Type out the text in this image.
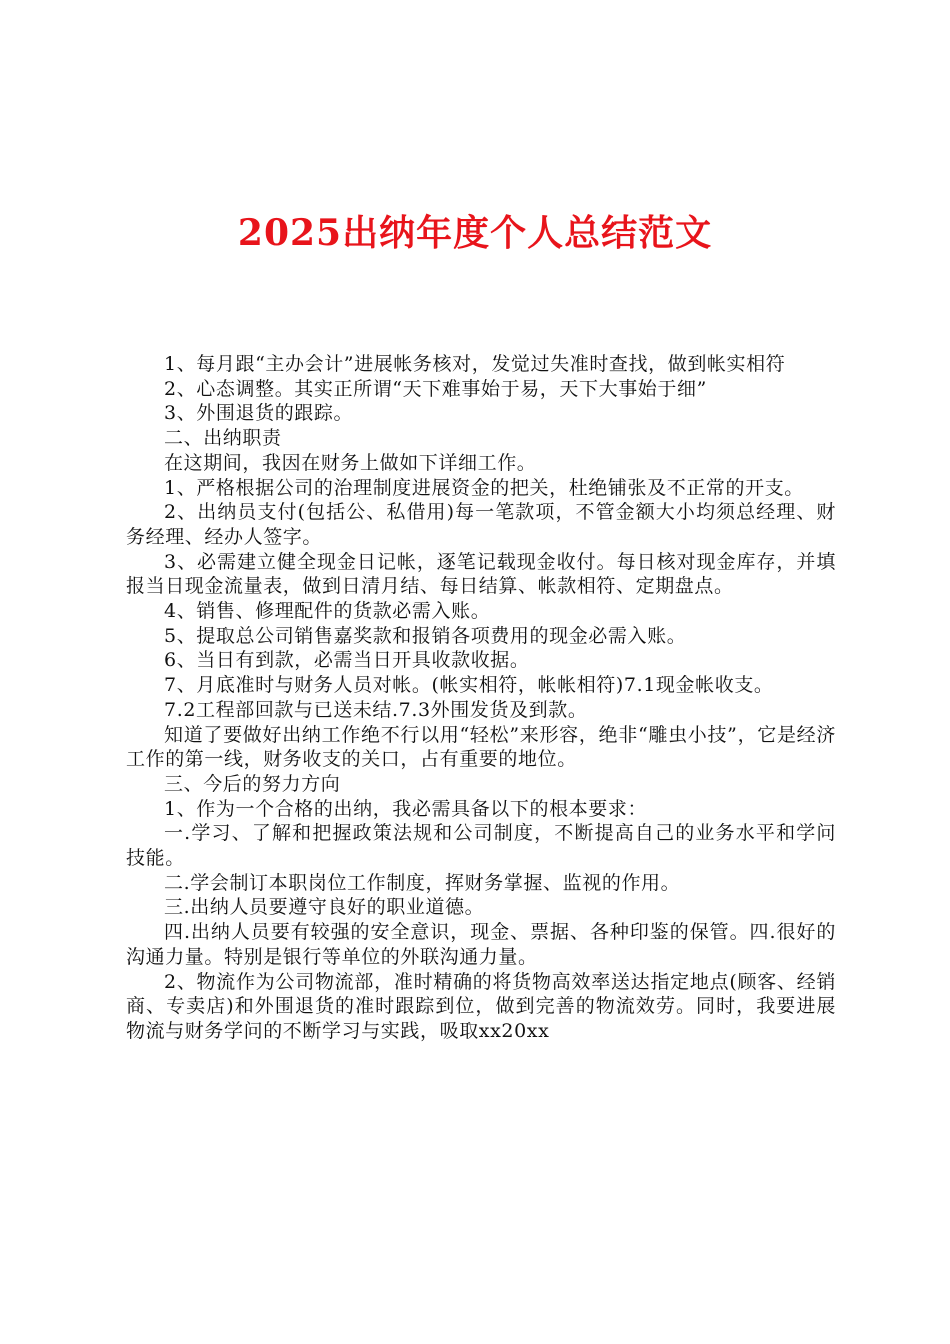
2025出纳年度个人总结范文

1、每月跟“主办会计”进展帐务核对，发觉过失准时查找，做到帐实相符

2、心态调整。其实正所谓“天下难事始于易，天下大事始于细”

3、外围退货的跟踪。

二、出纳职责

在这期间，我因在财务上做如下详细工作。

1、严格根据公司的治理制度进展资金的把关，杜绝铺张及不正常的开支。

2、出纳员支付(包括公、私借用)每一笔款项，不管金额大小均须总经理、财务经理、经办人签字。

3、必需建立健全现金日记帐，逐笔记载现金收付。每日核对现金库存，并填报当日现金流量表，做到日清月结、每日结算、帐款相符、定期盘点。

4、销售、修理配件的货款必需入账。

5、提取总公司销售嘉奖款和报销各项费用的现金必需入账。

6、当日有到款，必需当日开具收款收据。

7、月底准时与财务人员对帐。(帐实相符，帐帐相符)7.1现金帐收支。

7.2工程部回款与已送未结.7.3外围发货及到款。

知道了要做好出纳工作绝不行以用“轻松”来形容，绝非“雕虫小技”，它是经济工作的第一线，财务收支的关口，占有重要的地位。

三、今后的努力方向

1、作为一个合格的出纳，我必需具备以下的根本要求：

一.学习、了解和把握政策法规和公司制度，不断提高自己的业务水平和学问技能。

二.学会制订本职岗位工作制度，挥财务掌握、监视的作用。

三.出纳人员要遵守良好的职业道德。

四.出纳人员要有较强的安全意识，现金、票据、各种印鉴的保管。四.很好的沟通力量。特别是银行等单位的外联沟通力量。

2、物流作为公司物流部，准时精确的将货物高效率送达指定地点(顾客、经销商、专卖店)和外围退货的准时跟踪到位，做到完善的物流效劳。同时，我要进展物流与财务学问的不断学习与实践，吸取xx20xx
